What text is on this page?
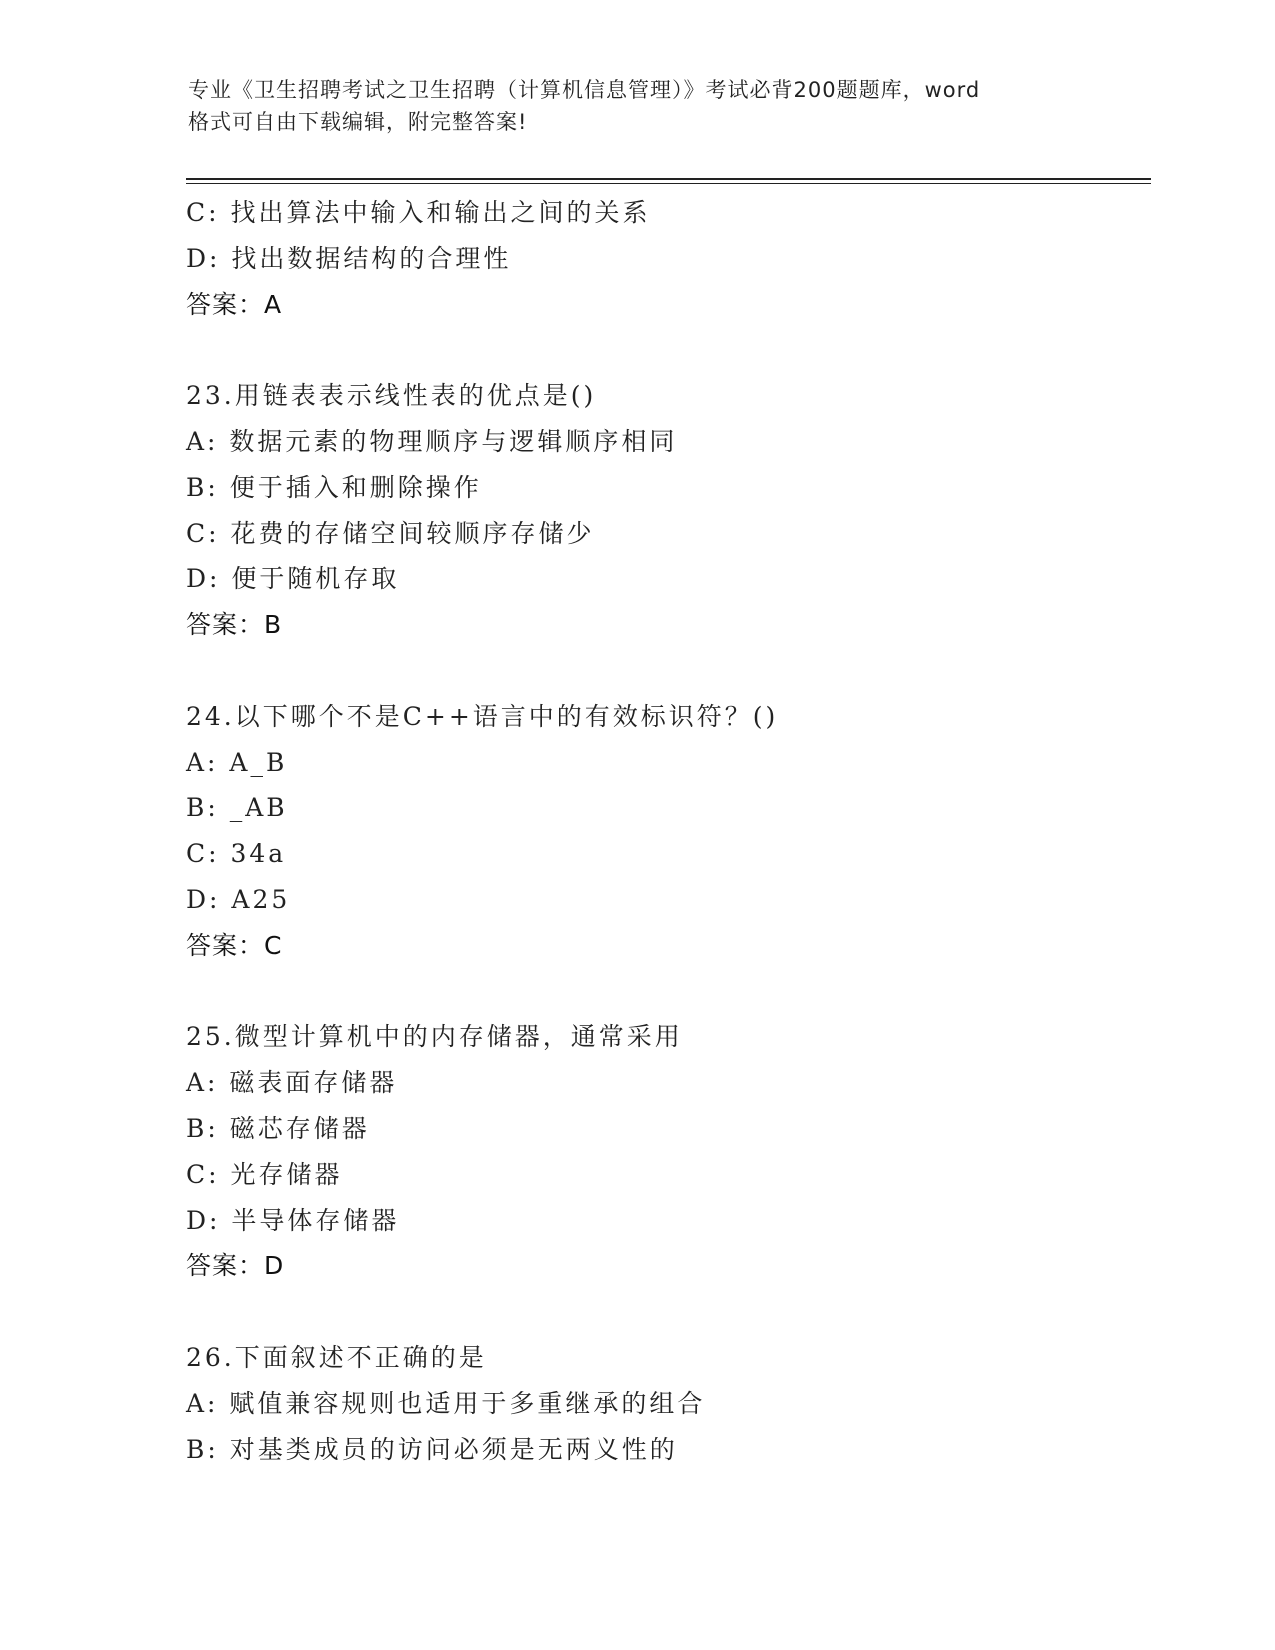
专业《卫生招聘考试之卫生招聘（计算机信息管理）》考试必背200题题库，word
格式可自由下载编辑，附完整答案!
C: 找出算法中输入和输出之间的关系
D: 找出数据结构的合理性
答案：A
23.用链表表示线性表的优点是()
A: 数据元素的物理顺序与逻辑顺序相同
B: 便于插入和删除操作
C: 花费的存储空间较顺序存储少
D: 便于随机存取
答案：B
24.以下哪个不是C++语言中的有效标识符？()
A: A_B
B: _AB
C: 34a
D: A25
答案：C
25.微型计算机中的内存储器，通常采用
A: 磁表面存储器
B: 磁芯存储器
C: 光存储器
D: 半导体存储器
答案：D
26.下面叙述不正确的是
A: 赋值兼容规则也适用于多重继承的组合
B: 对基类成员的访问必须是无两义性的
